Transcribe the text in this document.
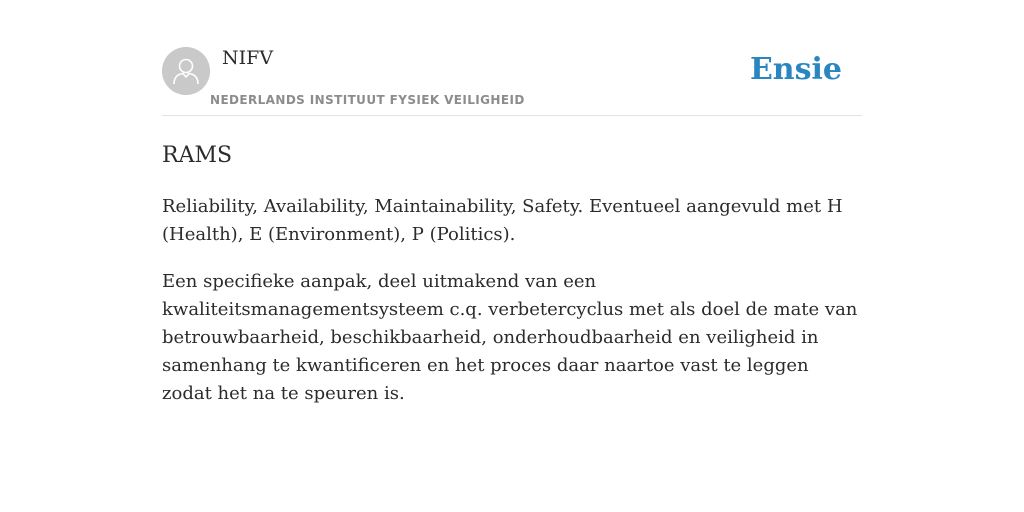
NIFV
NEDERLANDS INSTITUUT FYSIEK VEILIGHEID
Ensie
RAMS

Reliability, Availability, Maintainability, Safety. Eventueel aangevuld met H (Health), E (Environment), P (Politics).

Een specifieke aanpak, deel uitmakend van een kwaliteitsmanagementsysteem c.q. verbetercyclus met als doel de mate van betrouwbaarheid, beschikbaarheid, onderhoudbaarheid en veiligheid in samenhang te kwantificeren en het proces daar naartoe vast te leggen zodat het na te speuren is.
